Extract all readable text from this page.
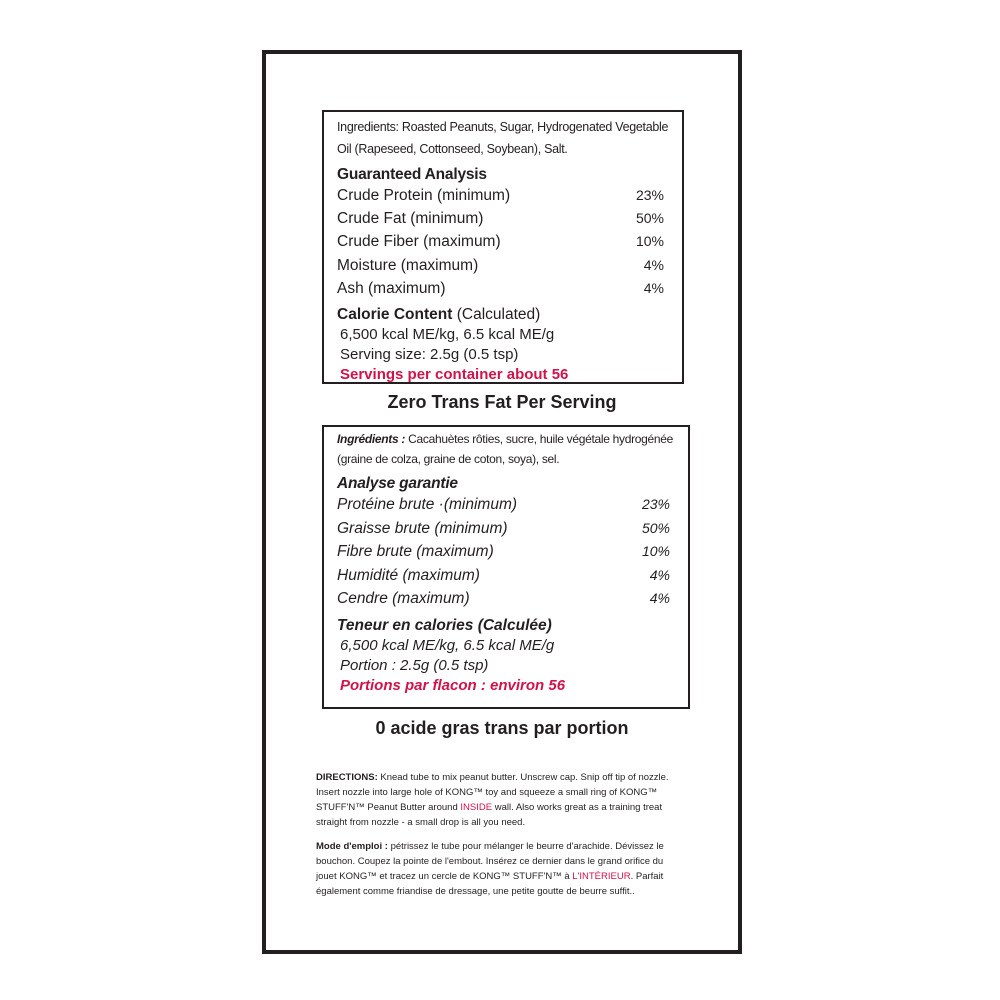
Ingredients: Roasted Peanuts, Sugar, Hydrogenated Vegetable Oil (Rapeseed, Cottonseed, Soybean), Salt.
Guaranteed Analysis
Crude Protein (minimum)	23%
Crude Fat (minimum)	50%
Crude Fiber (maximum)	10%
Moisture (maximum)	4%
Ash (maximum)	4%
Calorie Content (Calculated)
6,500 kcal ME/kg, 6.5 kcal ME/g
Serving size: 2.5g (0.5 tsp)
Servings per container about 56
Zero Trans Fat Per Serving
Ingrédients : Cacahuètes rôties, sucre, huile végétale hydrogénée (graine de colza, graine de coton, soya), sel.
Analyse garantie
Protéine brute ·(minimum)	23%
Graisse brute (minimum)	50%
Fibre brute (maximum)	10%
Humidité (maximum)	4%
Cendre (maximum)	4%
Teneur en calories (Calculée)
6,500 kcal ME/kg, 6.5 kcal ME/g
Portion : 2.5g (0.5 tsp)
Portions par flacon : environ 56
0 acide gras trans par portion
DIRECTIONS: Knead tube to mix peanut butter. Unscrew cap. Snip off tip of nozzle. Insert nozzle into large hole of KONG™ toy and squeeze a small ring of KONG™ STUFF'N™ Peanut Butter around INSIDE wall. Also works great as a training treat straight from nozzle - a small drop is all you need.
Mode d'emploi : pétrissez le tube pour mélanger le beurre d'arachide. Dévissez le bouchon. Coupez la pointe de l'embout. Insérez ce dernier dans le grand orifice du jouet KONG™ et tracez un cercle de KONG™ STUFF'N™ à L'INTÉRIEUR. Parfait également comme friandise de dressage, une petite goutte de beurre suffit..
